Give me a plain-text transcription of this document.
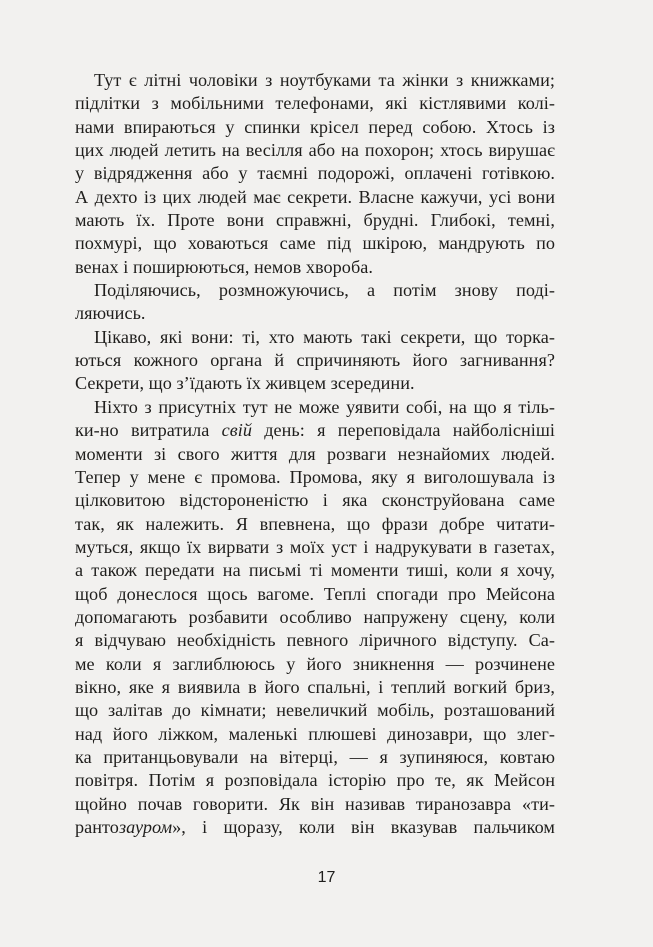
Тут є літні чоловіки з ноутбуками та жінки з книжками;
підлітки з мобільними телефонами, які кістлявими колі-
нами впираються у спинки крісел перед собою. Хтось із
цих людей летить на весілля або на похорон; хтось вирушає
у відрядження або у таємні подорожі, оплачені готівкою.
А дехто із цих людей має секрети. Власне кажучи, усі вони
мають їх. Проте вони справжні, брудні. Глибокі, темні,
похмурі, що ховаються саме під шкірою, мандрують по
венах і поширюються, немов хвороба.
Поділяючись, розмножуючись, а потім знову поді-
ляючись.
Цікаво, які вони: ті, хто мають такі секрети, що торка-
ються кожного органа й спричиняють його загнивання?
Секрети, що з’їдають їх живцем зсередини.
Ніхто з присутніх тут не може уявити собі, на що я тіль-
ки-но витратила свій день: я переповідала найболісніші
моменти зі свого життя для розваги незнайомих людей.
Тепер у мене є промова. Промова, яку я виголошувала із
цілковитою відстороненістю і яка сконструйована саме
так, як належить. Я впевнена, що фрази добре читати-
муться, якщо їх вирвати з моїх уст і надрукувати в газетах,
а також передати на письмі ті моменти тиші, коли я хочу,
щоб донеслося щось вагоме. Теплі спогади про Мейсона
допомагають розбавити особливо напружену сцену, коли
я відчуваю необхідність певного ліричного відступу. Са-
ме коли я заглиблююсь у його зникнення — розчинене
вікно, яке я виявила в його спальні, і теплий вогкий бриз,
що залітав до кімнати; невеличкий мобіль, розташований
над його ліжком, маленькі плюшеві динозаври, що злег-
ка пританцьовували на вітерці, — я зупиняюся, ковтаю
повітря. Потім я розповідала історію про те, як Мейсон
щойно почав говорити. Як він називав тиранозавра «ти-
рантозауром», і щоразу, коли він вказував пальчиком
17
